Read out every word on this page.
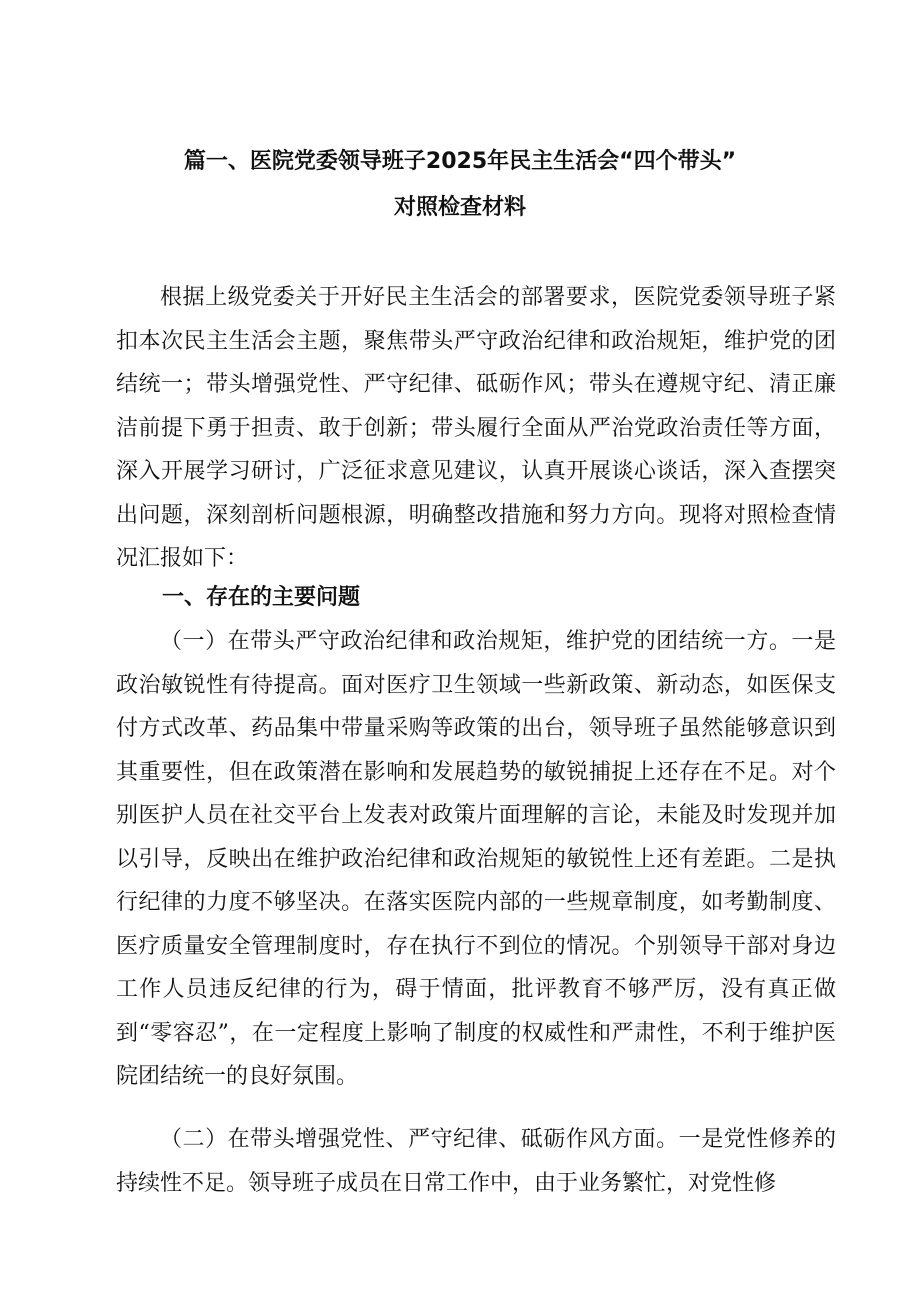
篇一、医院党委领导班子2025年民主生活会“四个带头”
对照检查材料

根据上级党委关于开好民主生活会的部署要求，医院党委领导班子紧扣本次民主生活会主题，聚焦带头严守政治纪律和政治规矩，维护党的团结统一；带头增强党性、严守纪律、砥砺作风；带头在遵规守纪、清正廉洁前提下勇于担责、敢于创新；带头履行全面从严治党政治责任等方面，深入开展学习研讨，广泛征求意见建议，认真开展谈心谈话，深入查摆突出问题，深刻剖析问题根源，明确整改措施和努力方向。现将对照检查情况汇报如下：

一、存在的主要问题

（一）在带头严守政治纪律和政治规矩，维护党的团结统一方。一是政治敏锐性有待提高。面对医疗卫生领域一些新政策、新动态，如医保支付方式改革、药品集中带量采购等政策的出台，领导班子虽然能够意识到其重要性，但在政策潜在影响和发展趋势的敏锐捕捉上还存在不足。对个别医护人员在社交平台上发表对政策片面理解的言论，未能及时发现并加以引导，反映出在维护政治纪律和政治规矩的敏锐性上还有差距。二是执行纪律的力度不够坚决。在落实医院内部的一些规章制度，如考勤制度、医疗质量安全管理制度时，存在执行不到位的情况。个别领导干部对身边工作人员违反纪律的行为，碍于情面，批评教育不够严厉，没有真正做到“零容忍”，在一定程度上影响了制度的权威性和严肃性，不利于维护医院团结统一的良好氛围。

（二）在带头增强党性、严守纪律、砥砺作风方面。一是党性修养的持续性不足。领导班子成员在日常工作中，由于业务繁忙，对党性修
